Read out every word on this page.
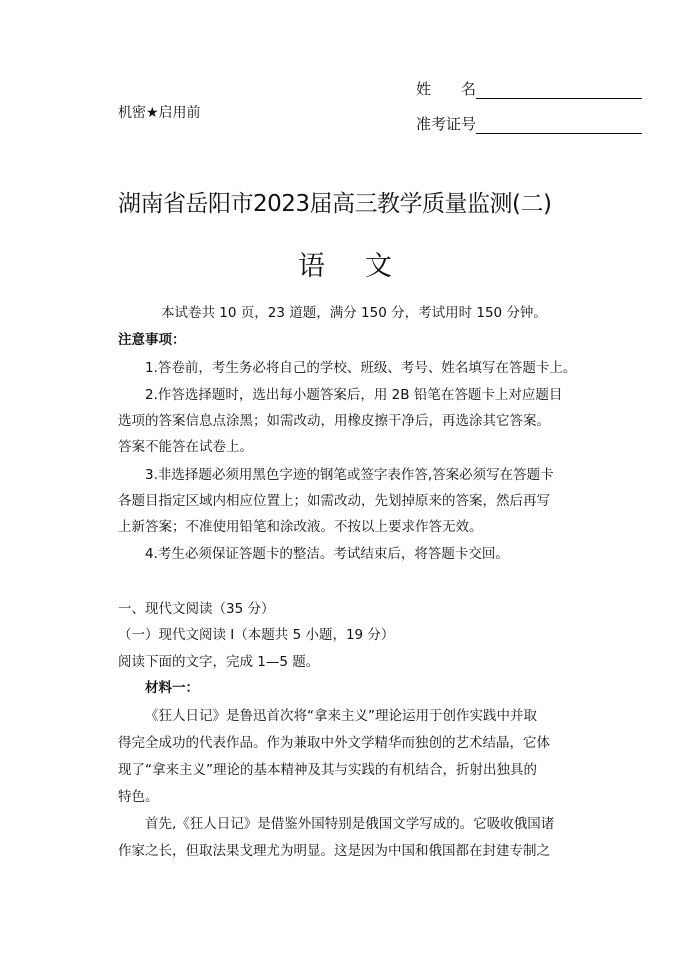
姓　　名
准考证号
机密★启用前
湖南省岳阳市2023届高三教学质量监测(二)
语文
本试卷共 10 页，23 道题，满分 150 分，考试用时 150 分钟。
注意事项：
1.答卷前，考生务必将自己的学校、班级、考号、姓名填写在答题卡上。
2.作答选择题时，选出每小题答案后，用 2B 铅笔在答题卡上对应题目
选项的答案信息点涂黑；如需改动，用橡皮擦干净后，再选涂其它答案。
答案不能答在试卷上。
3.非选择题必须用黑色字迹的钢笔或签字表作答,答案必须写在答题卡
各题目指定区域内相应位置上；如需改动，先划掉原来的答案，然后再写
上新答案；不准使用铅笔和涂改液。不按以上要求作答无效。
4.考生必须保证答题卡的整洁。考试结束后，将答题卡交回。
一、现代文阅读（35 分）
（一）现代文阅读 I（本题共 5 小题，19 分）
阅读下面的文字，完成 1—5 题。
材料一：
《狂人日记》是鲁迅首次将“拿来主义”理论运用于创作实践中并取
得完全成功的代表作品。作为兼取中外文学精华而独创的艺术结晶，它体
现了“拿来主义”理论的基本精神及其与实践的有机结合，折射出独具的
特色。
首先,《狂人日记》是借鉴外国特别是俄国文学写成的。它吸收俄国诸
作家之长，但取法果戈理尤为明显。这是因为中国和俄国都在封建专制之
